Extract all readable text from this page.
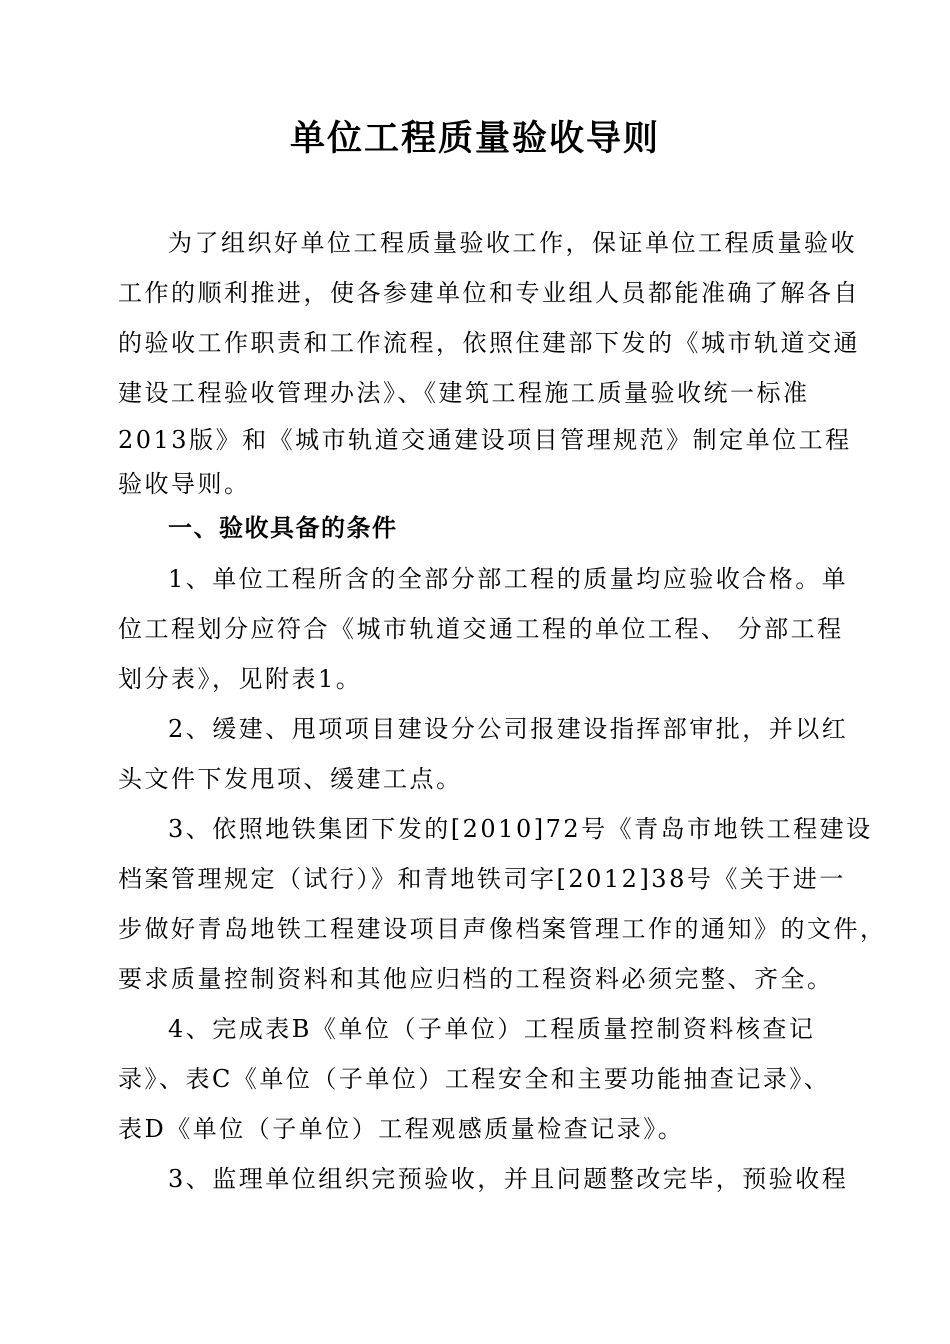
单位工程质量验收导则
为了组织好单位工程质量验收工作，保证单位工程质量验收
工作的顺利推进，使各参建单位和专业组人员都能准确了解各自
的验收工作职责和工作流程，依照住建部下发的《城市轨道交通
建设工程验收管理办法》、《建筑工程施工质量验收统一标准
2013版》和《城市轨道交通建设项目管理规范》制定单位工程
验收导则。
一、验收具备的条件
1、单位工程所含的全部分部工程的质量均应验收合格。单
位工程划分应符合《城市轨道交通工程的单位工程、 分部工程
划分表》，见附表1。
2、缓建、甩项项目建设分公司报建设指挥部审批，并以红
头文件下发甩项、缓建工点。
3、依照地铁集团下发的[2010]72号《青岛市地铁工程建设
档案管理规定（试行）》和青地铁司字[2012]38号《关于进一
步做好青岛地铁工程建设项目声像档案管理工作的通知》的文件，
要求质量控制资料和其他应归档的工程资料必须完整、齐全。
4、完成表B《单位（子单位）工程质量控制资料核查记
录》、表C《单位（子单位）工程安全和主要功能抽查记录》、
表D《单位（子单位）工程观感质量检查记录》。
3、监理单位组织完预验收，并且问题整改完毕，预验收程
